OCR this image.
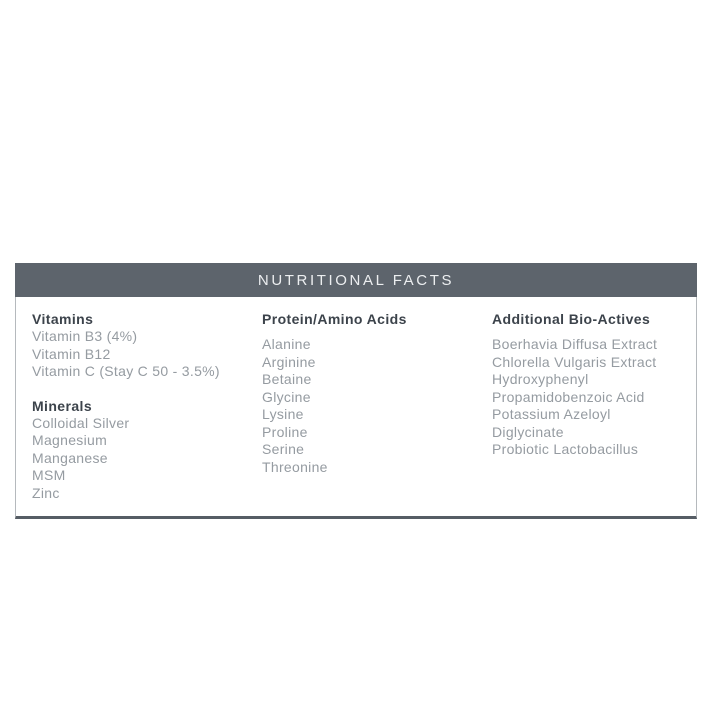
NUTRITIONAL FACTS
Vitamins
Vitamin B3 (4%)
Vitamin B12
Vitamin C (Stay C 50 - 3.5%)
Minerals
Colloidal Silver
Magnesium
Manganese
MSM
Zinc
Protein/Amino Acids
Alanine
Arginine
Betaine
Glycine
Lysine
Proline
Serine
Threonine
Additional Bio-Actives
Boerhavia Diffusa Extract
Chlorella Vulgaris Extract
Hydroxyphenyl
Propamidobenzoic Acid
Potassium Azeloyl
Diglycinate
Probiotic Lactobacillus
